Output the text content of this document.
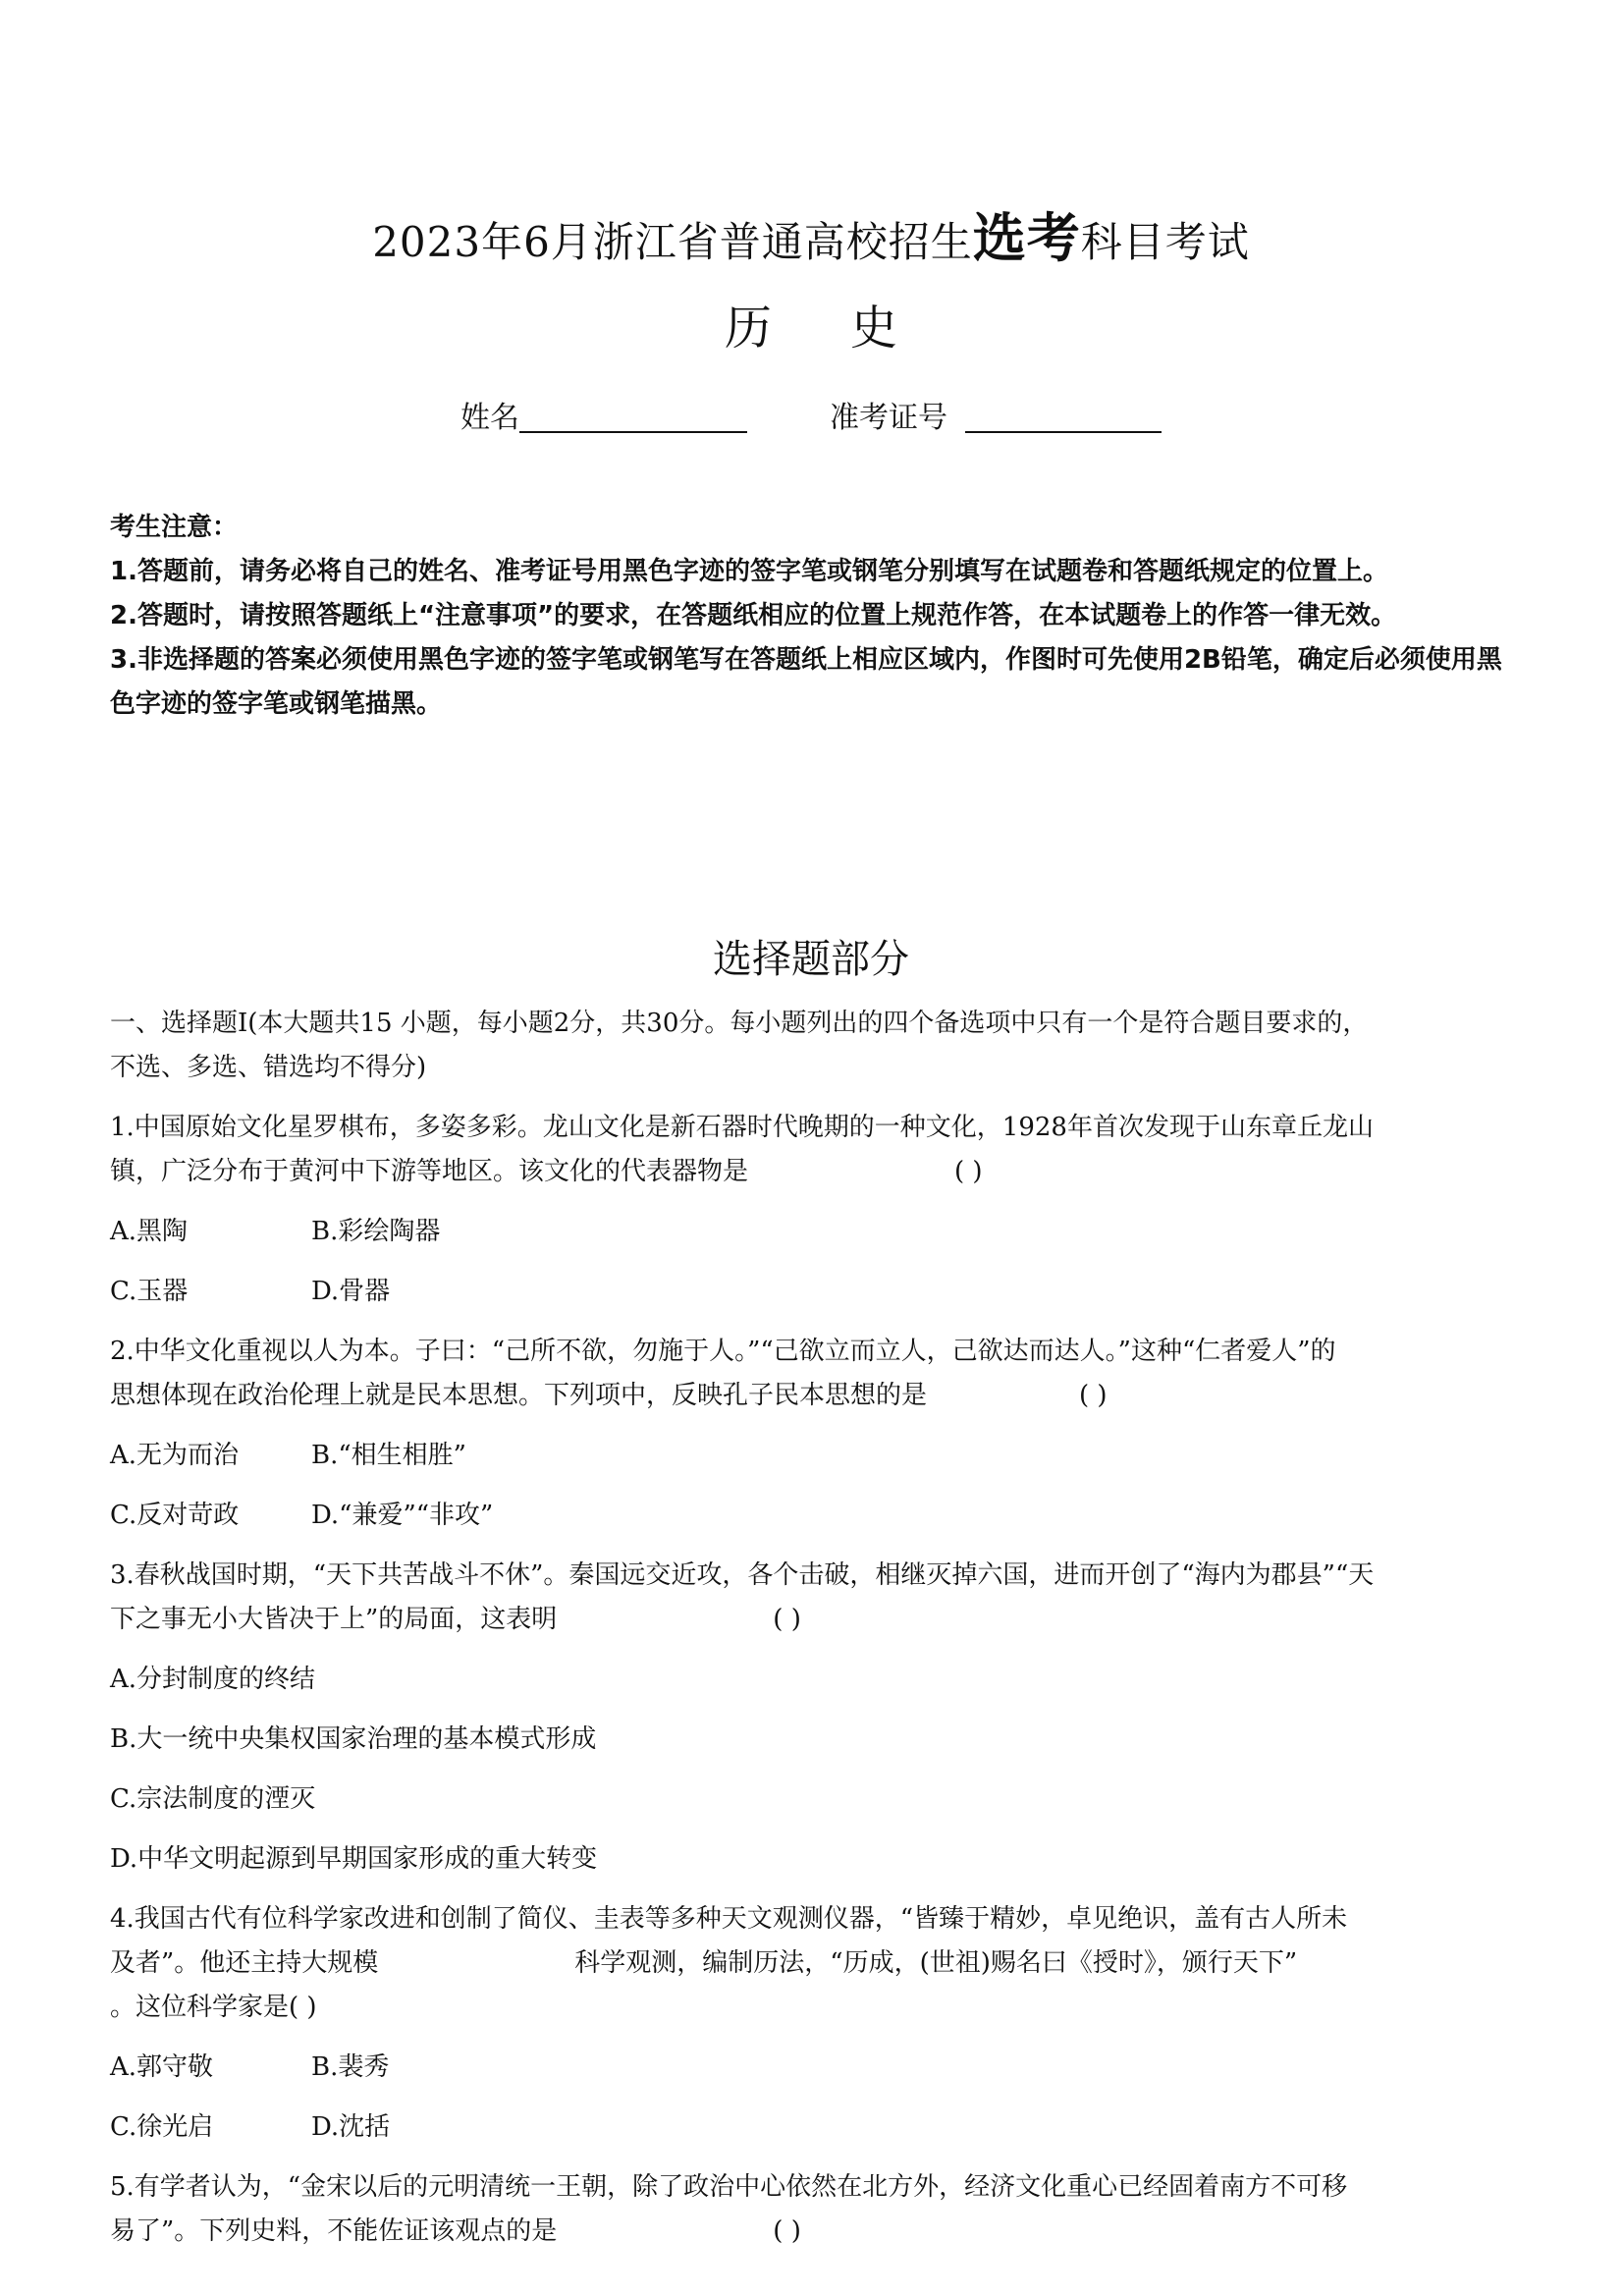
2023年6月浙江省普通高校招生选考科目考试
历 史
姓名	准考证号

考生注意：

1.答题前，请务必将自己的姓名、准考证号用黑色字迹的签字笔或钢笔分别填写在试题卷和答题纸规定的位置上。

2.答题时，请按照答题纸上“注意事项”的要求，在答题纸相应的位置上规范作答，在本试题卷上的作答一律无效。

3.非选择题的答案必须使用黑色字迹的签字笔或钢笔写在答题纸上相应区域内，作图时可先使用2B铅笔，确定后必须使用黑色字迹的签字笔或钢笔描黑。

选择题部分
一、选择题I(本大题共15 小题，每小题2分，共30分。每小题列出的四个备选项中只有一个是符合题目要求的，
不选、多选、错选均不得分)
1.中国原始文化星罗棋布，多姿多彩。龙山文化是新石器时代晚期的一种文化，1928年首次发现于山东章丘龙山
镇，广泛分布于黄河中下游等地区。该文化的代表器物是	( )
A.黑陶	B.彩绘陶器
C.玉器	D.骨器
2.中华文化重视以人为本。子曰：“己所不欲，勿施于人。”“己欲立而立人，己欲达而达人。”这种“仁者爱人”的
思想体现在政治伦理上就是民本思想。下列项中，反映孔子民本思想的是	( )
A.无为而治	B.“相生相胜”
C.反对苛政	D.“兼爱”“非攻”
3.春秋战国时期，“天下共苦战斗不休”。秦国远交近攻，各个击破，相继灭掉六国，进而开创了“海内为郡县”“天
下之事无小大皆决于上”的局面，这表明	( )
A.分封制度的终结
B.大一统中央集权国家治理的基本模式形成
C.宗法制度的湮灭
D.中华文明起源到早期国家形成的重大转变
4.我国古代有位科学家改进和创制了简仪、圭表等多种天文观测仪器，“皆臻于精妙，卓见绝识，盖有古人所未
及者”。他还主持大规模	科学观测，编制历法，“历成，(世祖)赐名曰《授时》，颁行天下”
。这位科学家是( )
A.郭守敬	B.裴秀
C.徐光启	D.沈括
5.有学者认为，“金宋以后的元明清统一王朝，除了政治中心依然在北方外，经济文化重心已经固着南方不可移
易了”。下列史料，不能佐证该观点的是	( )
